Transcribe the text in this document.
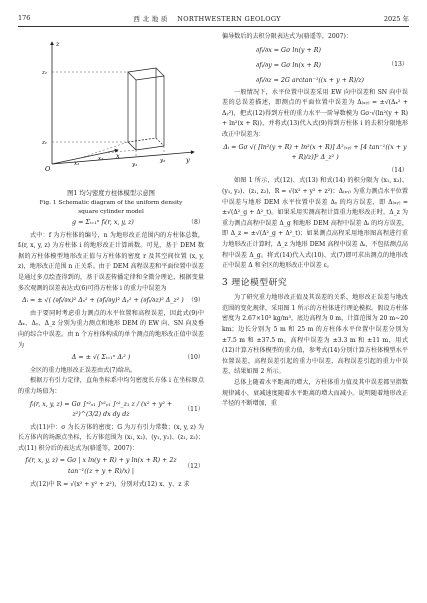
176	西 北 地 质 NORTHWESTERN GEOLOGY	2025 年
z
y
x
O
z₂
z₁
x₁
x₂
y₁
y₂
图1 均匀密度方柱体模型示意图
Fig. 1 Schematic diagram of the uniform density square cylinder model
g = Σᵢ₌₁ⁿ fᵢ(r, x, y, z)	（8）

式中：f 为方柱体的编号，n 为地形改正范围内的方柱体总数，fᵢ(r, x, y, z) 为方柱体 i 的地形改正计算函数。可见，基于 DEM 数据的方柱体模型地形改正值与方柱体的密度 r 及其空间位置 (x, y, z)，地形改正范围 n 正关系。由于 DEM 高程误差和平面位置中误差是通过多点绘查得到的，基于误差传播定律和全微分理论，根据变量多次观测的误差表达式(6)可得方柱体 i 的重力中误差为

Δᵢ = ± √( (∂fᵢ/∂x)² Δₓ² + (∂fᵢ/∂y)² Δᵧ² + (∂fᵢ/∂z)² Δ_z² ) （9）

由于要同时考虑重力测点的水平位置和高程误差，因此式(9)中 Δₓ、Δᵧ、Δ_z 分别为重力测点和地形 DEM 的 EW 向、SN 向及垂向的综合中误差。由 n 个方柱体构成的单个测点的地形改正值中误差为

Δ = ± √( Σᵢ₌₁ⁿ Δᵢ² )	（10）

全区的重力地形改正误差由式(7)给出。

根据万有引力定律，直角坐标系中均匀密度长方体 i 在坐标原点的重力场值为：

fᵢ(r, x, y, z) = Gσ ∫ˣ²ₓ₁ ∫ʸ²ᵧ₁ ∫ᶻ²_z₁ z / (x² + y² + z²)^(3/2) dx dy dz
（11）

式(11)中：σ 为长方体的密度；G 为万有引力常数；(x, y, z) 为长方体内的场源点坐标，长方体范围为 (x₁, x₂)、(y₁, y₂)、(z₁, z₂)；式(11) 积分后的表达式为(骆遥等，2007)：

fᵢ(r, x, y, z) = Gσ | x ln(y + R) + y ln(x + R) + 2z tan⁻¹((z + y + R)/x) |
（12）

式(12)中 R = √(x² + y² + z²)，分别对式(12) x、y、z 求

偏导数后的去积分限表达式为(骆遥等，2007)：

∂fᵢ/∂x = Gσ ln(y + R)
∂fᵢ/∂y = Gσ ln(x + R)
∂fᵢ/∂z = 2G arctan⁻¹((x + y + R)/z)
（13）

一般情况下，水平位置中误差采用 EW 向中误差和 SN 向中误差的总误差描述，即测点的平面位置中误差为 Δ₍ₓᵧ₎ = ±√(Δₓ² + Δᵧ²)，把式(12)得到方柱的重力水平一阶导数模为 Gσ·√(ln²(y + R) + ln²(x + R))，并将式(13)代入式(9)得到方柱体 i 的去积分限地形改正中误差为：

Δᵢ = Gσ √( [ln²(y + R) + ln²(x + R)] Δ²₍ₓᵧ₎ + [4 tan⁻¹((x + y + R)/z)]² Δ_z² )
（14）

如图 1 所示，式(12)、式(13) 和式(14) 的积分限为 (x₁, x₂)、(y₁, y₂)、(z₁, z₂)，R = √(x² + y² + z²)；Δ₍ₓᵧ₎ 为重力测点水平位置中误差与地形 DEM 水平位置中误差 Δᵧ 的均方误差，即 Δ₍ₓᵧ₎ = ±√(Δ²_g + Δ²_t)。如果采用实测高程计算重力地形改正时，Δ_z 为重力测点高程中误差 Δ_g 和地形 DEM 高程中误差 Δᵢ 的均方误差，即 Δ_z = ±√(Δ²_g + Δ²_t)；如果测点高程采用地形图高程进行重力地形改正计算时，Δ_z 为地形 DEM 高程中误差 Δᵢ，不包括测点高程中误差 Δ_g。将式(14)代入式(10)、式(7)即可求出测点的地形改正中误差 Δ 和全区的地形改正中误差 ε。

3 理论模型研究

为了研究重力地形改正值及其误差的关系、地形改正误差与地改范围的变化规律，采用图 1 所示的方柱体进行理论模拟。假设方柱体密度为 2.67×10³ kg/m³，底边高程为 0 m，计算范围为 20 m~20 km；边长分别为 5 m 和 25 m 的方柱体水平位置中误差分别为 ±7.5 m 和 ±37.5 m，高程中误差为 ±3.3 m 和 ±11 m，用式(12)计算方柱体模型的重力值，参考式(14)分别计算方柱体模型水平位置误差、高程误差引起的重力中误差、高程误差引起的重力中误差，结果如图 2 所示。

总体上随着水平距离的增大，方柱体重力值及其中误差都呈指数规律减小，衰减速度随着水平距离的增大而减小。说明随着地形改正半径的不断增加，重
